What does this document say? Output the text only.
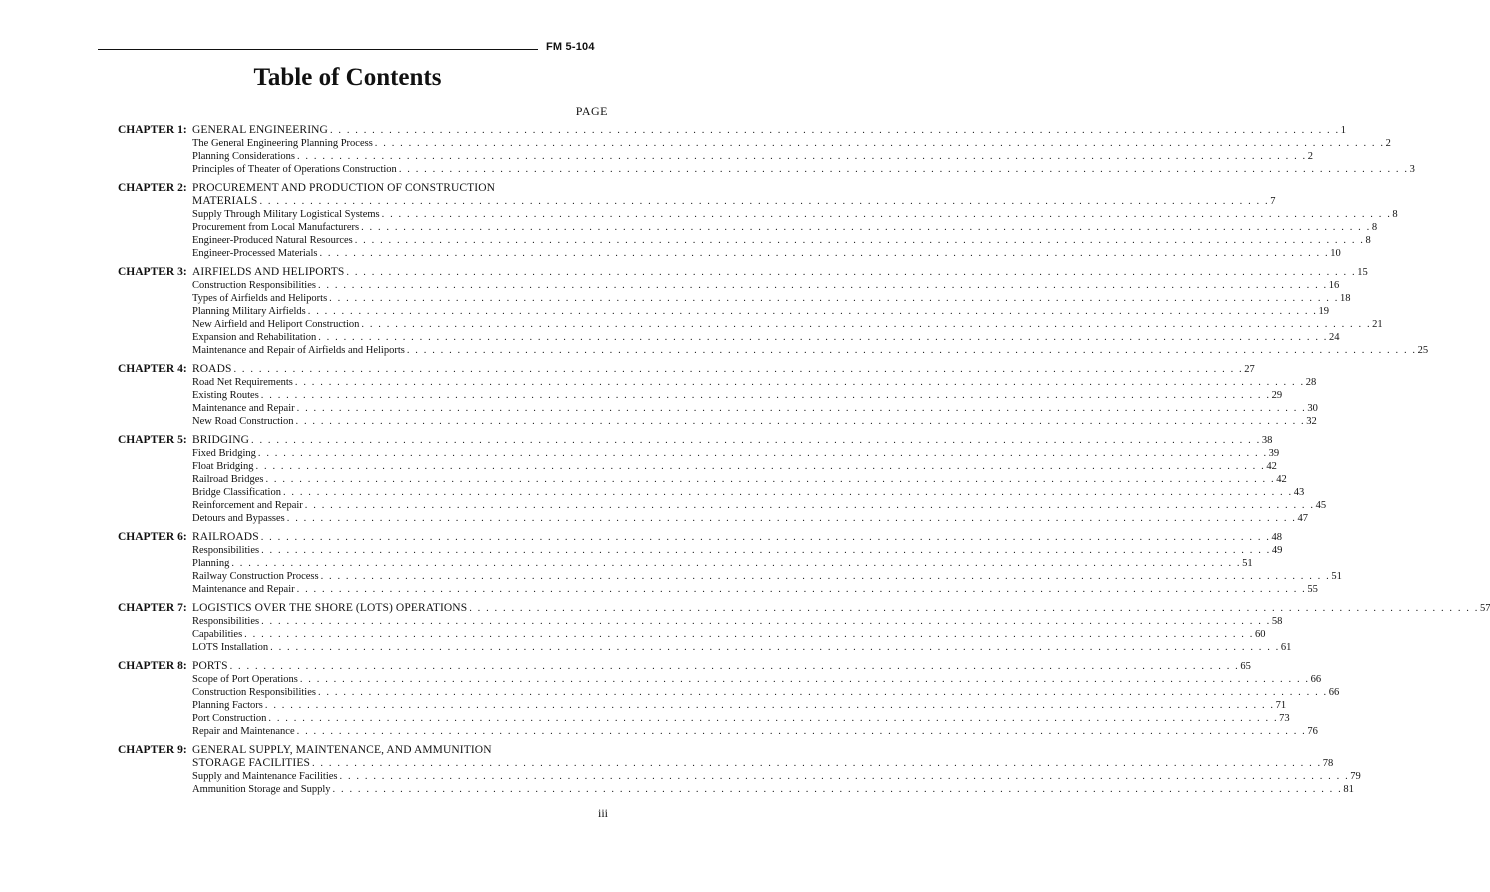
FM 5-104
Table of Contents
PAGE
CHAPTER 1: GENERAL ENGINEERING . . . . . . . . . . . . . . . . . . . . . . . . . . . . . . . . . . . . . . . . . . . . . . . . . . . . . . . . . . . . . . . . . . . . . . . . . . . . . . . . . . . . . . . . . . . . . . . . . . . . . . . . . . . . . . . . . . . . . . . . 1
The General Engineering Planning Process . . . . . . . . . . . . . . . . . . . . . . . . . . . . . . . . . . . . . . . . . . . . . . . . . . . . . . . . . . . . . . . . . . . . . . . . . . . . . . . . . . . . . . . . . . . . . . . . . . . . . . . . . . . . . . . . . . . . . . . . 2
Planning Considerations . . . . . . . . . . . . . . . . . . . . . . . . . . . . . . . . . . . . . . . . . . . . . . . . . . . . . . . . . . . . . . . . . . . . . . . . . . . . . . . . . . . . . . . . . . . . . . . . . . . . . . . . . . . . . . . . . . . . . . . . 2
Principles of Theater of Operations Construction . . . . . . . . . . . . . . . . . . . . . . . . . . . . . . . . . . . . . . . . . . . . . . . . . . . . . . . . . . . . . . . . . . . . . . . . . . . . . . . . . . . . . . . . . . . . . . . . . . . . . . . . . . . . . . . . . . . . . . . . 3
CHAPTER 2: PROCUREMENT AND PRODUCTION OF CONSTRUCTION
MATERIALS . . . . . . . . . . . . . . . . . . . . . . . . . . . . . . . . . . . . . . . . . . . . . . . . . . . . . . . . . . . . . . . . . . . . . . . . . . . . . . . . . . . . . . . . . . . . . . . . . . . . . . . . . . . . . . . . . . . . . . . . 7
Supply Through Military Logistical Systems . . . . . . . . . . . . . . . . . . . . . . . . . . . . . . . . . . . . . . . . . . . . . . . . . . . . . . . . . . . . . . . . . . . . . . . . . . . . . . . . . . . . . . . . . . . . . . . . . . . . . . . . . . . . . . . . . . . . . . . . 8
Procurement from Local Manufacturers . . . . . . . . . . . . . . . . . . . . . . . . . . . . . . . . . . . . . . . . . . . . . . . . . . . . . . . . . . . . . . . . . . . . . . . . . . . . . . . . . . . . . . . . . . . . . . . . . . . . . . . . . . . . . . . . . . . . . . . . 8
Engineer-Produced Natural Resources . . . . . . . . . . . . . . . . . . . . . . . . . . . . . . . . . . . . . . . . . . . . . . . . . . . . . . . . . . . . . . . . . . . . . . . . . . . . . . . . . . . . . . . . . . . . . . . . . . . . . . . . . . . . . . . . . . . . . . . . 8
Engineer-Processed Materials . . . . . . . . . . . . . . . . . . . . . . . . . . . . . . . . . . . . . . . . . . . . . . . . . . . . . . . . . . . . . . . . . . . . . . . . . . . . . . . . . . . . . . . . . . . . . . . . . . . . . . . . . . . . . . . . . . . . . . . . 10
CHAPTER 3: AIRFIELDS AND HELIPORTS . . . . . . . . . . . . . . . . . . . . . . . . . . . . . . . . . . . . . . . . . . . . . . . . . . . . . . . . . . . . . . . . . . . . . . . . . . . . . . . . . . . . . . . . . . . . . . . . . . . . . . . . . . . . . . . . . . . . . . . . 15
Construction Responsibilities . . . . . . . . . . . . . . . . . . . . . . . . . . . . . . . . . . . . . . . . . . . . . . . . . . . . . . . . . . . . . . . . . . . . . . . . . . . . . . . . . . . . . . . . . . . . . . . . . . . . . . . . . . . . . . . . . . . . . . . . 16
Types of Airfields and Heliports . . . . . . . . . . . . . . . . . . . . . . . . . . . . . . . . . . . . . . . . . . . . . . . . . . . . . . . . . . . . . . . . . . . . . . . . . . . . . . . . . . . . . . . . . . . . . . . . . . . . . . . . . . . . . . . . . . . . . . . . 18
Planning Military Airfields . . . . . . . . . . . . . . . . . . . . . . . . . . . . . . . . . . . . . . . . . . . . . . . . . . . . . . . . . . . . . . . . . . . . . . . . . . . . . . . . . . . . . . . . . . . . . . . . . . . . . . . . . . . . . . . . . . . . . . . . 19
New Airfield and Heliport Construction . . . . . . . . . . . . . . . . . . . . . . . . . . . . . . . . . . . . . . . . . . . . . . . . . . . . . . . . . . . . . . . . . . . . . . . . . . . . . . . . . . . . . . . . . . . . . . . . . . . . . . . . . . . . . . . . . . . . . . . . 21
Expansion and Rehabilitation . . . . . . . . . . . . . . . . . . . . . . . . . . . . . . . . . . . . . . . . . . . . . . . . . . . . . . . . . . . . . . . . . . . . . . . . . . . . . . . . . . . . . . . . . . . . . . . . . . . . . . . . . . . . . . . . . . . . . . . . 24
Maintenance and Repair of Airfields and Heliports . . . . . . . . . . . . . . . . . . . . . . . . . . . . . . . . . . . . . . . . . . . . . . . . . . . . . . . . . . . . . . . . . . . . . . . . . . . . . . . . . . . . . . . . . . . . . . . . . . . . . . . . . . . . . . . . . . . . . . . . 25
CHAPTER 4: ROADS . . . . . . . . . . . . . . . . . . . . . . . . . . . . . . . . . . . . . . . . . . . . . . . . . . . . . . . . . . . . . . . . . . . . . . . . . . . . . . . . . . . . . . . . . . . . . . . . . . . . . . . . . . . . . . . . . . . . . . . . 27
Road Net Requirements . . . . . . . . . . . . . . . . . . . . . . . . . . . . . . . . . . . . . . . . . . . . . . . . . . . . . . . . . . . . . . . . . . . . . . . . . . . . . . . . . . . . . . . . . . . . . . . . . . . . . . . . . . . . . . . . . . . . . . . . 28
Existing Routes . . . . . . . . . . . . . . . . . . . . . . . . . . . . . . . . . . . . . . . . . . . . . . . . . . . . . . . . . . . . . . . . . . . . . . . . . . . . . . . . . . . . . . . . . . . . . . . . . . . . . . . . . . . . . . . . . . . . . . . . 29
Maintenance and Repair . . . . . . . . . . . . . . . . . . . . . . . . . . . . . . . . . . . . . . . . . . . . . . . . . . . . . . . . . . . . . . . . . . . . . . . . . . . . . . . . . . . . . . . . . . . . . . . . . . . . . . . . . . . . . . . . . . . . . . . . 30
New Road Construction . . . . . . . . . . . . . . . . . . . . . . . . . . . . . . . . . . . . . . . . . . . . . . . . . . . . . . . . . . . . . . . . . . . . . . . . . . . . . . . . . . . . . . . . . . . . . . . . . . . . . . . . . . . . . . . . . . . . . . . . 32
CHAPTER 5: BRIDGING . . . . . . . . . . . . . . . . . . . . . . . . . . . . . . . . . . . . . . . . . . . . . . . . . . . . . . . . . . . . . . . . . . . . . . . . . . . . . . . . . . . . . . . . . . . . . . . . . . . . . . . . . . . . . . . . . . . . . . . . 38
Fixed Bridging . . . . . . . . . . . . . . . . . . . . . . . . . . . . . . . . . . . . . . . . . . . . . . . . . . . . . . . . . . . . . . . . . . . . . . . . . . . . . . . . . . . . . . . . . . . . . . . . . . . . . . . . . . . . . . . . . . . . . . . . 39
Float Bridging . . . . . . . . . . . . . . . . . . . . . . . . . . . . . . . . . . . . . . . . . . . . . . . . . . . . . . . . . . . . . . . . . . . . . . . . . . . . . . . . . . . . . . . . . . . . . . . . . . . . . . . . . . . . . . . . . . . . . . . . 42
Railroad Bridges . . . . . . . . . . . . . . . . . . . . . . . . . . . . . . . . . . . . . . . . . . . . . . . . . . . . . . . . . . . . . . . . . . . . . . . . . . . . . . . . . . . . . . . . . . . . . . . . . . . . . . . . . . . . . . . . . . . . . . . . 42
Bridge Classification . . . . . . . . . . . . . . . . . . . . . . . . . . . . . . . . . . . . . . . . . . . . . . . . . . . . . . . . . . . . . . . . . . . . . . . . . . . . . . . . . . . . . . . . . . . . . . . . . . . . . . . . . . . . . . . . . . . . . . . . 43
Reinforcement and Repair . . . . . . . . . . . . . . . . . . . . . . . . . . . . . . . . . . . . . . . . . . . . . . . . . . . . . . . . . . . . . . . . . . . . . . . . . . . . . . . . . . . . . . . . . . . . . . . . . . . . . . . . . . . . . . . . . . . . . . . . 45
Detours and Bypasses . . . . . . . . . . . . . . . . . . . . . . . . . . . . . . . . . . . . . . . . . . . . . . . . . . . . . . . . . . . . . . . . . . . . . . . . . . . . . . . . . . . . . . . . . . . . . . . . . . . . . . . . . . . . . . . . . . . . . . . . 47
CHAPTER 6: RAILROADS . . . . . . . . . . . . . . . . . . . . . . . . . . . . . . . . . . . . . . . . . . . . . . . . . . . . . . . . . . . . . . . . . . . . . . . . . . . . . . . . . . . . . . . . . . . . . . . . . . . . . . . . . . . . . . . . . . . . . . . . 48
Responsibilities . . . . . . . . . . . . . . . . . . . . . . . . . . . . . . . . . . . . . . . . . . . . . . . . . . . . . . . . . . . . . . . . . . . . . . . . . . . . . . . . . . . . . . . . . . . . . . . . . . . . . . . . . . . . . . . . . . . . . . . . 49
Planning . . . . . . . . . . . . . . . . . . . . . . . . . . . . . . . . . . . . . . . . . . . . . . . . . . . . . . . . . . . . . . . . . . . . . . . . . . . . . . . . . . . . . . . . . . . . . . . . . . . . . . . . . . . . . . . . . . . . . . . . 51
Railway Construction Process . . . . . . . . . . . . . . . . . . . . . . . . . . . . . . . . . . . . . . . . . . . . . . . . . . . . . . . . . . . . . . . . . . . . . . . . . . . . . . . . . . . . . . . . . . . . . . . . . . . . . . . . . . . . . . . . . . . . . . . . 51
Maintenance and Repair . . . . . . . . . . . . . . . . . . . . . . . . . . . . . . . . . . . . . . . . . . . . . . . . . . . . . . . . . . . . . . . . . . . . . . . . . . . . . . . . . . . . . . . . . . . . . . . . . . . . . . . . . . . . . . . . . . . . . . . . 55
CHAPTER 7: LOGISTICS OVER THE SHORE (LOTS) OPERATIONS . . . . . . . . . . . . . . . . . . . . . . . . . . . . . . . . . . . . . . . . . . . . . . . . . . . . . . . . . . . . . . . . . . . . . . . . . . . . . . . . . . . . . . . . . . . . . . . . . . . . . . . . . . . . . . . . . . . . . . . . 57
Responsibilities . . . . . . . . . . . . . . . . . . . . . . . . . . . . . . . . . . . . . . . . . . . . . . . . . . . . . . . . . . . . . . . . . . . . . . . . . . . . . . . . . . . . . . . . . . . . . . . . . . . . . . . . . . . . . . . . . . . . . . . . 58
Capabilities . . . . . . . . . . . . . . . . . . . . . . . . . . . . . . . . . . . . . . . . . . . . . . . . . . . . . . . . . . . . . . . . . . . . . . . . . . . . . . . . . . . . . . . . . . . . . . . . . . . . . . . . . . . . . . . . . . . . . . . . 60
LOTS Installation . . . . . . . . . . . . . . . . . . . . . . . . . . . . . . . . . . . . . . . . . . . . . . . . . . . . . . . . . . . . . . . . . . . . . . . . . . . . . . . . . . . . . . . . . . . . . . . . . . . . . . . . . . . . . . . . . . . . . . . . 61
CHAPTER 8: PORTS . . . . . . . . . . . . . . . . . . . . . . . . . . . . . . . . . . . . . . . . . . . . . . . . . . . . . . . . . . . . . . . . . . . . . . . . . . . . . . . . . . . . . . . . . . . . . . . . . . . . . . . . . . . . . . . . . . . . . . . . 65
Scope of Port Operations . . . . . . . . . . . . . . . . . . . . . . . . . . . . . . . . . . . . . . . . . . . . . . . . . . . . . . . . . . . . . . . . . . . . . . . . . . . . . . . . . . . . . . . . . . . . . . . . . . . . . . . . . . . . . . . . . . . . . . . . 66
Construction Responsibilities . . . . . . . . . . . . . . . . . . . . . . . . . . . . . . . . . . . . . . . . . . . . . . . . . . . . . . . . . . . . . . . . . . . . . . . . . . . . . . . . . . . . . . . . . . . . . . . . . . . . . . . . . . . . . . . . . . . . . . . . 66
Planning Factors . . . . . . . . . . . . . . . . . . . . . . . . . . . . . . . . . . . . . . . . . . . . . . . . . . . . . . . . . . . . . . . . . . . . . . . . . . . . . . . . . . . . . . . . . . . . . . . . . . . . . . . . . . . . . . . . . . . . . . . . 71
Port Construction . . . . . . . . . . . . . . . . . . . . . . . . . . . . . . . . . . . . . . . . . . . . . . . . . . . . . . . . . . . . . . . . . . . . . . . . . . . . . . . . . . . . . . . . . . . . . . . . . . . . . . . . . . . . . . . . . . . . . . . . 73
Repair and Maintenance . . . . . . . . . . . . . . . . . . . . . . . . . . . . . . . . . . . . . . . . . . . . . . . . . . . . . . . . . . . . . . . . . . . . . . . . . . . . . . . . . . . . . . . . . . . . . . . . . . . . . . . . . . . . . . . . . . . . . . . . 76
CHAPTER 9: GENERAL SUPPLY, MAINTENANCE, AND AMMUNITION
STORAGE FACILITIES . . . . . . . . . . . . . . . . . . . . . . . . . . . . . . . . . . . . . . . . . . . . . . . . . . . . . . . . . . . . . . . . . . . . . . . . . . . . . . . . . . . . . . . . . . . . . . . . . . . . . . . . . . . . . . . . . . . . . . . . 78
Supply and Maintenance Facilities . . . . . . . . . . . . . . . . . . . . . . . . . . . . . . . . . . . . . . . . . . . . . . . . . . . . . . . . . . . . . . . . . . . . . . . . . . . . . . . . . . . . . . . . . . . . . . . . . . . . . . . . . . . . . . . . . . . . . . . . 79
Ammunition Storage and Supply . . . . . . . . . . . . . . . . . . . . . . . . . . . . . . . . . . . . . . . . . . . . . . . . . . . . . . . . . . . . . . . . . . . . . . . . . . . . . . . . . . . . . . . . . . . . . . . . . . . . . . . . . . . . . . . . . . . . . . . . 81
iii
